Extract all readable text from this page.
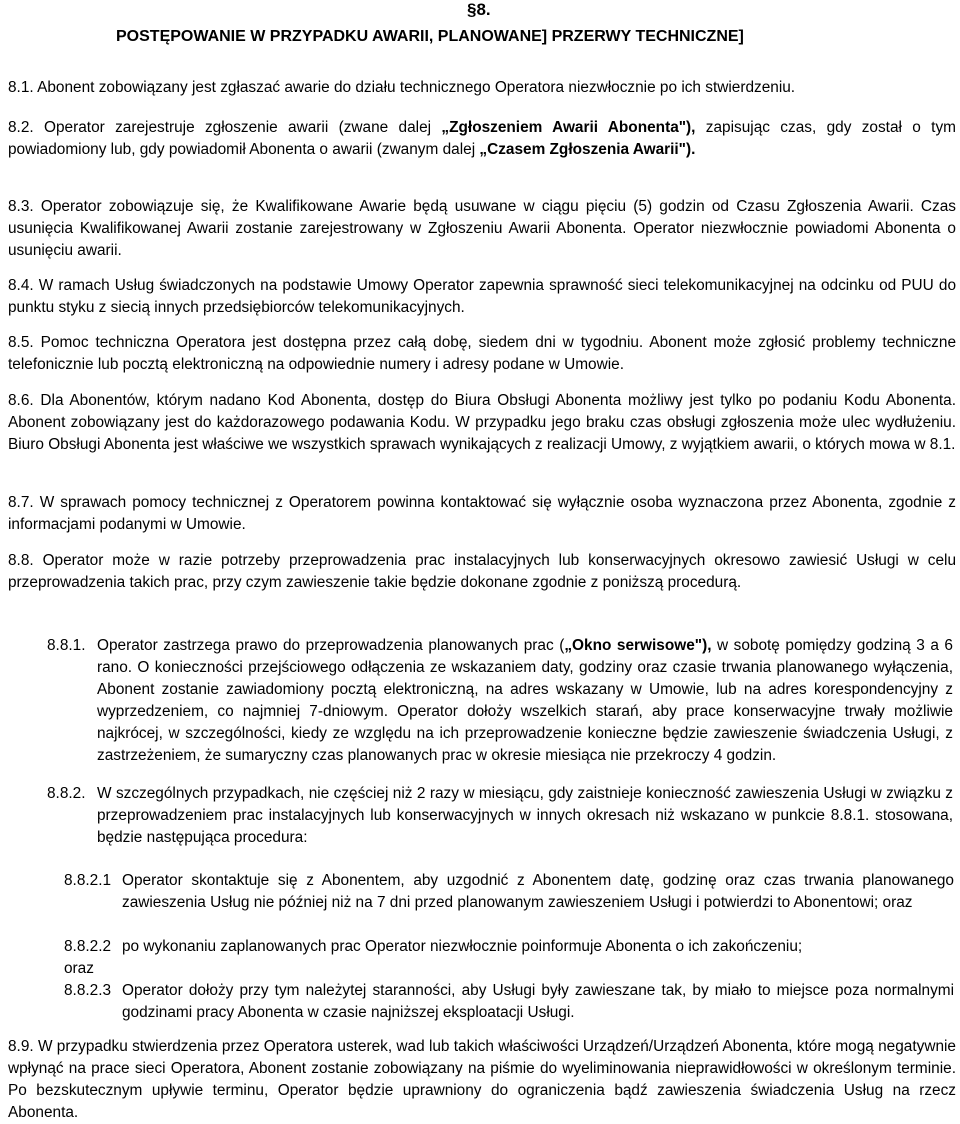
§8.
POSTĘPOWANIE W PRZYPADKU AWARII, PLANOWANE] PRZERWY TECHNICZNE]
8.1. Abonent zobowiązany jest zgłaszać awarie do działu technicznego Operatora niezwłocznie po ich stwierdzeniu.
8.2. Operator zarejestruje zgłoszenie awarii (zwane dalej „Zgłoszeniem Awarii Abonenta"), zapisując czas, gdy został o tym powiadomiony lub, gdy powiadomił Abonenta o awarii (zwanym dalej „Czasem Zgłoszenia Awarii").
8.3. Operator zobowiązuje się, że Kwalifikowane Awarie będą usuwane w ciągu pięciu (5) godzin od Czasu Zgłoszenia Awarii. Czas usunięcia Kwalifikowanej Awarii zostanie zarejestrowany w Zgłoszeniu Awarii Abonenta. Operator niezwłocznie powiadomi Abonenta o usunięciu awarii.
8.4. W ramach Usług świadczonych na podstawie Umowy Operator zapewnia sprawność sieci telekomunikacyjnej na odcinku od PUU do punktu styku z siecią innych przedsiębiorców telekomunikacyjnych.
8.5. Pomoc techniczna Operatora jest dostępna przez całą dobę, siedem dni w tygodniu. Abonent może zgłosić problemy techniczne telefonicznie lub pocztą elektroniczną na odpowiednie numery i adresy podane w Umowie.
8.6. Dla Abonentów, którym nadano Kod Abonenta, dostęp do Biura Obsługi Abonenta możliwy jest tylko po podaniu Kodu Abonenta. Abonent zobowiązany jest do każdorazowego podawania Kodu. W przypadku jego braku czas obsługi zgłoszenia może ulec wydłużeniu. Biuro Obsługi Abonenta jest właściwe we wszystkich sprawach wynikających z realizacji Umowy, z wyjątkiem awarii, o których mowa w 8.1.
8.7. W sprawach pomocy technicznej z Operatorem powinna kontaktować się wyłącznie osoba wyznaczona przez Abonenta, zgodnie z informacjami podanymi w Umowie.
8.8. Operator może w razie potrzeby przeprowadzenia prac instalacyjnych lub konserwacyjnych okresowo zawiesić Usługi w celu przeprowadzenia takich prac, przy czym zawieszenie takie będzie dokonane zgodnie z poniższą procedurą.
8.8.1. Operator zastrzega prawo do przeprowadzenia planowanych prac („Okno serwisowe"), w sobotę pomiędzy godziną 3 a 6 rano. O konieczności przejściowego odłączenia ze wskazaniem daty, godziny oraz czasie trwania planowanego wyłączenia, Abonent zostanie zawiadomiony pocztą elektroniczną, na adres wskazany w Umowie, lub na adres korespondencyjny z wyprzedzeniem, co najmniej 7-dniowym. Operator dołoży wszelkich starań, aby prace konserwacyjne trwały możliwie najkrócej, w szczególności, kiedy ze względu na ich przeprowadzenie konieczne będzie zawieszenie świadczenia Usługi, z zastrzeżeniem, że sumaryczny czas planowanych prac w okresie miesiąca nie przekroczy 4 godzin.
8.8.2. W szczególnych przypadkach, nie częściej niż 2 razy w miesiącu, gdy zaistnieje konieczność zawieszenia Usługi w związku z przeprowadzeniem prac instalacyjnych lub konserwacyjnych w innych okresach niż wskazano w punkcie 8.8.1. stosowana, będzie następująca procedura:
8.8.2.1 Operator skontaktuje się z Abonentem, aby uzgodnić z Abonentem datę, godzinę oraz czas trwania planowanego zawieszenia Usług nie później niż na 7 dni przed planowanym zawieszeniem Usługi i potwierdzi to Abonentowi; oraz
8.8.2.2 po wykonaniu zaplanowanych prac Operator niezwłocznie poinformuje Abonenta o ich zakończeniu;
oraz
8.8.2.3 Operator dołoży przy tym należytej staranności, aby Usługi były zawieszane tak, by miało to miejsce poza normalnymi godzinami pracy Abonenta w czasie najniższej eksploatacji Usługi.
8.9. W przypadku stwierdzenia przez Operatora usterek, wad lub takich właściwości Urządzeń/Urządzeń Abonenta, które mogą negatywnie wpłynąć na prace sieci Operatora, Abonent zostanie zobowiązany na piśmie do wyeliminowania nieprawidłowości w określonym terminie. Po bezskutecznym upływie terminu, Operator będzie uprawniony do ograniczenia bądź zawieszenia świadczenia Usług na rzecz Abonenta.
